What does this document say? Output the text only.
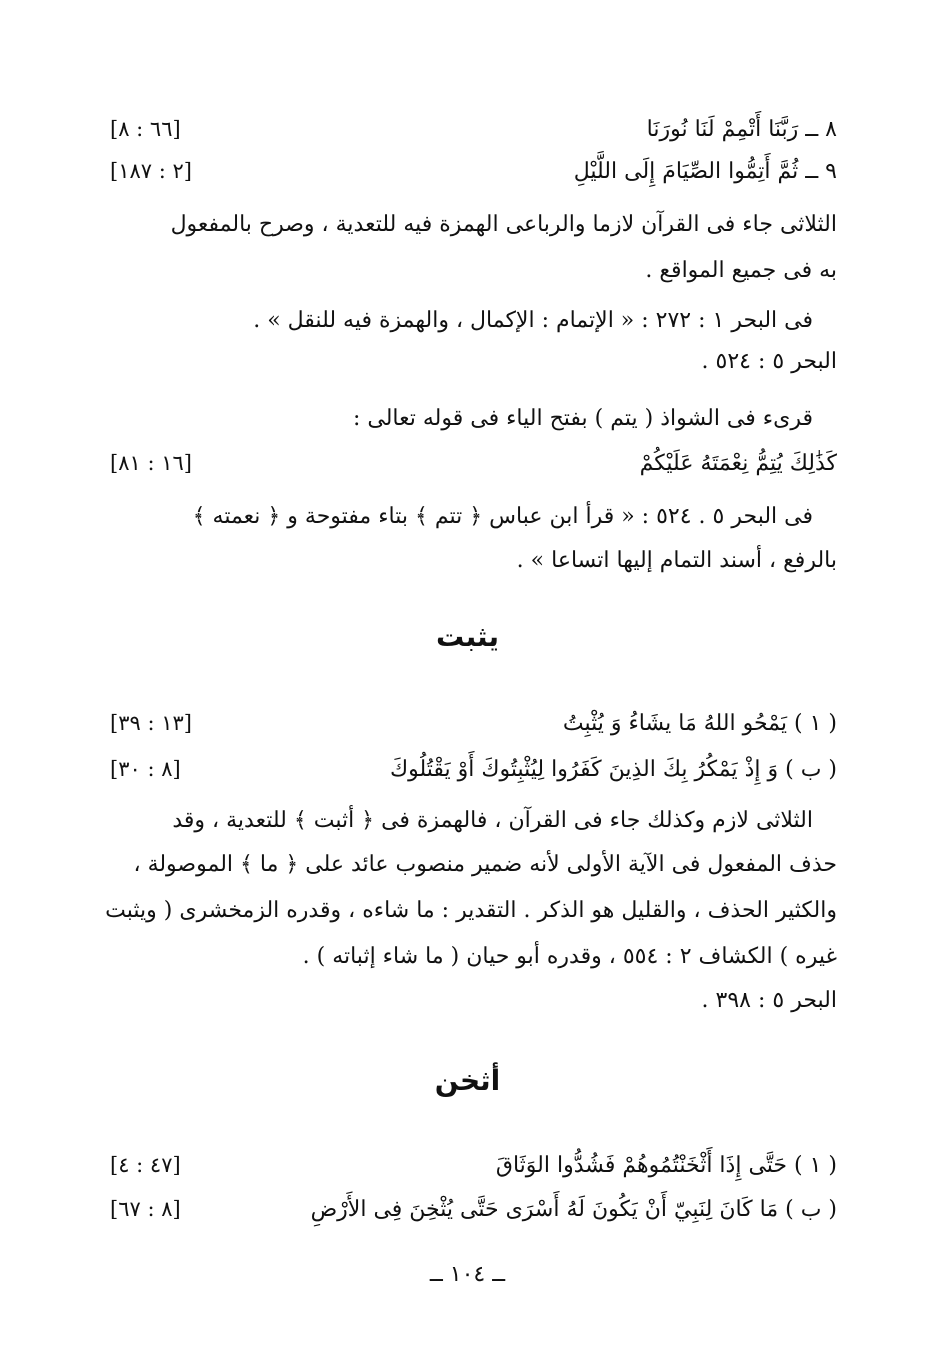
٨ ــ رَبَّنَا أَتْمِمْ لَنَا نُورَنَا
[٦٦ : ٨]
٩ ــ ثُمَّ أَتِمُّوا الصِّيَامَ إِلَى اللَّيْلِ
[٢ : ١٨٧]
الثلاثى جاء فى القرآن لازما والرباعى الهمزة فيه للتعدية ، وصرح بالمفعول
به فى جميع المواقع .
فى البحر ١ : ٢٧٢ : « الإتمام : الإكمال ، والهمزة فيه للنقل » .
البحر ٥ : ٥٢٤ .
قرىء فى الشواذ ( يتم ) بفتح الياء فى قوله تعالى :
كَذَٰلِكَ يُتِمُّ نِعْمَتَهُ عَلَيْكُمْ
[١٦ : ٨١]
فى البحر ٥ . ٥٢٤ : « قرأ ابن عباس ﴿ تتم ﴾ بتاء مفتوحة و ﴿ نعمته ﴾
بالرفع ، أسند التمام إليها اتساعا » .
يثبت
( ١ ) يَمْحُو اللهُ مَا يشَاءُ وَ يُثْبِتُ
[١٣ : ٣٩]
( ب ) وَ إِذْ يَمْكُرُ بِكَ الذِينَ كَفَرُوا لِيُثْبِتُوكَ أَوْ يَقْتُلُوكَ
[٨ : ٣٠]
الثلاثى لازم وكذلك جاء فى القرآن ، فالهمزة فى ﴿ أثبت ﴾ للتعدية ، وقد
حذف المفعول فى الآية الأولى لأنه ضمير منصوب عائد على ﴿ ما ﴾ الموصولة ،
والكثير الحذف ، والقليل هو الذكر . التقدير : ما شاءه ، وقدره الزمخشرى ( ويثبت
غيره ) الكشاف ٢ : ٥٥٤ ، وقدره أبو حيان ( ما شاء إثباته ) .
البحر ٥ : ٣٩٨ .
أثخن
( ١ ) حَتَّى إِذَا أَثْخَنْتُمُوهُمْ فَشُدُّوا الوَثَاقَ
[٤٧ : ٤]
( ب ) مَا كَانَ لِنَبِيّ أَنْ يَكُونَ لَهُ أَسْرَى حَتَّى يُثْخِنَ فِى الأَرْضِ
[٨ : ٦٧]
ــ ١٠٤ ــ
